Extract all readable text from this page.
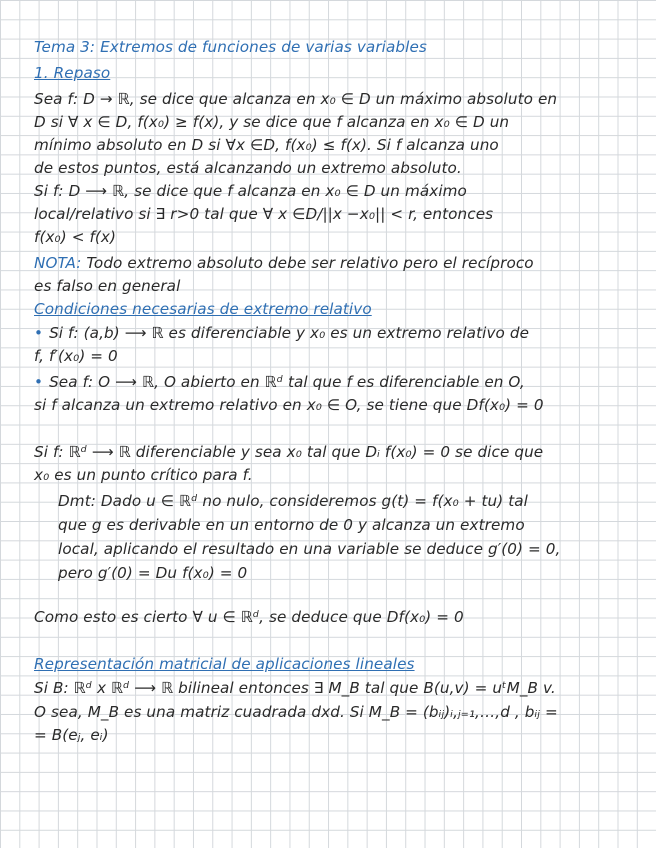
Tema 3: Extremos de funciones de varias variables
1. Repaso
Sea f: D → ℝ, se dice que alcanza en x₀ ∈ D un máximo absoluto en
D si ∀ x ∈ D, f(x₀) ≥ f(x), y se dice que f alcanza en x₀ ∈ D un
mínimo absoluto en D si ∀x ∈D, f(x₀) ≤ f(x). Si f alcanza uno
de estos puntos, está alcanzando un extremo absoluto.
Si f: D ⟶ ℝ, se dice que f alcanza en x₀ ∈ D un máximo
local/relativo si ∃ r>0 tal que ∀ x ∈D/||x −x₀|| < r, entonces
f(x₀) < f(x)
NOTA: Todo extremo absoluto debe ser relativo pero el recíproco
es falso en general
Condiciones necesarias de extremo relativo
• Si f: (a,b) ⟶ ℝ es diferenciable y x₀ es un extremo relativo de
f, f′(x₀) = 0
• Sea f: O ⟶ ℝ, O abierto en ℝᵈ tal que f es diferenciable en O,
si f alcanza un extremo relativo en x₀ ∈ O, se tiene que Df(x₀) = 0
Si f: ℝᵈ ⟶ ℝ diferenciable y sea x₀ tal que Dᵢ f(x₀) = 0 se dice que
x₀ es un punto crítico para f.
Dmt: Dado u ∈ ℝᵈ no nulo, consideremos g(t) = f(x₀ + tu) tal
que g es derivable en un entorno de 0 y alcanza un extremo
local, aplicando el resultado en una variable se deduce g′(0) = 0,
pero g′(0) = Du f(x₀) = 0
Como esto es cierto ∀ u ∈ ℝᵈ, se deduce que Df(x₀) = 0
Representación matricial de aplicaciones lineales
Si B: ℝᵈ x ℝᵈ ⟶ ℝ bilineal entonces ∃ M_B tal que B(u,v) = uᵗM_B v.
O sea, M_B es una matriz cuadrada dxd. Si M_B = (bᵢⱼ)ᵢ,ⱼ₌₁,…,d , bᵢⱼ =
= B(eⱼ, eᵢ)
